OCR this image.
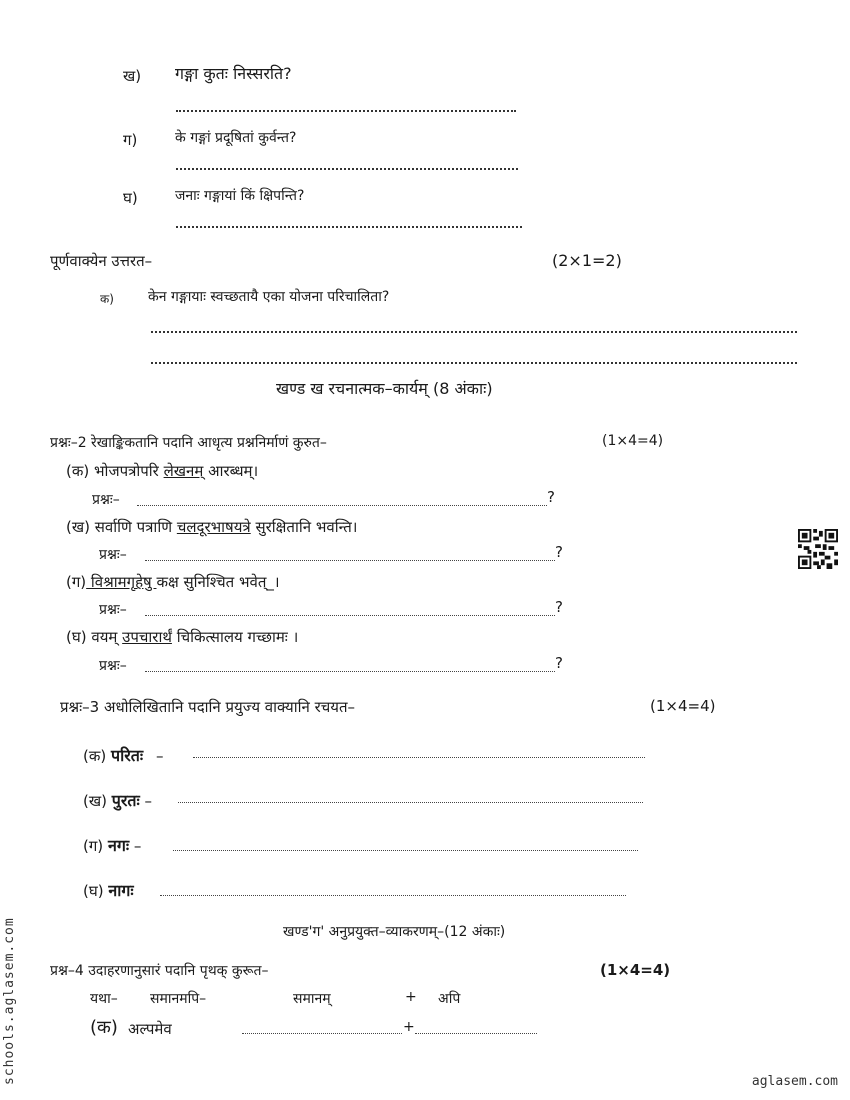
ख) गङ्गा कुतः निस्सरति?
ग)	के गङ्गां प्रदूषितां कुर्वन्त?
घ)	जनाः गङ्गायां किं क्षिपन्ति?
पूर्णवाक्येन उत्तरत–	(2×1=2)
क) केन गङ्गायाः स्वच्छतायै एका योजना परिचालिता?
खण्ड ख रचनात्मक–कार्यम् (8 अंकाः)
प्रश्नः–2 रेखाङ्किकतानि पदानि आधृत्य प्रश्ननिर्माणं कुरुत–	(1×4=4)
(क) भोजपत्रोपरि लेखनम् आरब्धम्।
प्रश्नः–	?
(ख) सर्वाणि पत्राणि चलदूरभाषयत्रे सुरक्षितानि भवन्ति।
प्रश्नः–	?
(ग) विश्रामगृहेषु कक्ष सुनिश्चित भवेत्_।
प्रश्नः–	?
(घ) वयम् उपचारार्थं चिकित्सालय गच्छामः ।
प्रश्नः–	?
प्रश्नः–3 अधोलिखितानि पदानि प्रयुज्य वाक्यानि रचयत–	(1×4=4)
(क) परितः –
(ख) पुरतः –
(ग) नगः –
(घ) नागः
खण्ड'ग' अनुप्रयुक्त–व्याकरणम्–(12 अंकाः)
प्रश्न–4 उदाहरणानुसारं पदानि पृथक् कुरूत–	(1×4=4)
यथा– समानमपि–	समानम्	+ अपि
(क) अल्पमेव	+
schools.aglasem.com	aglasem.com
